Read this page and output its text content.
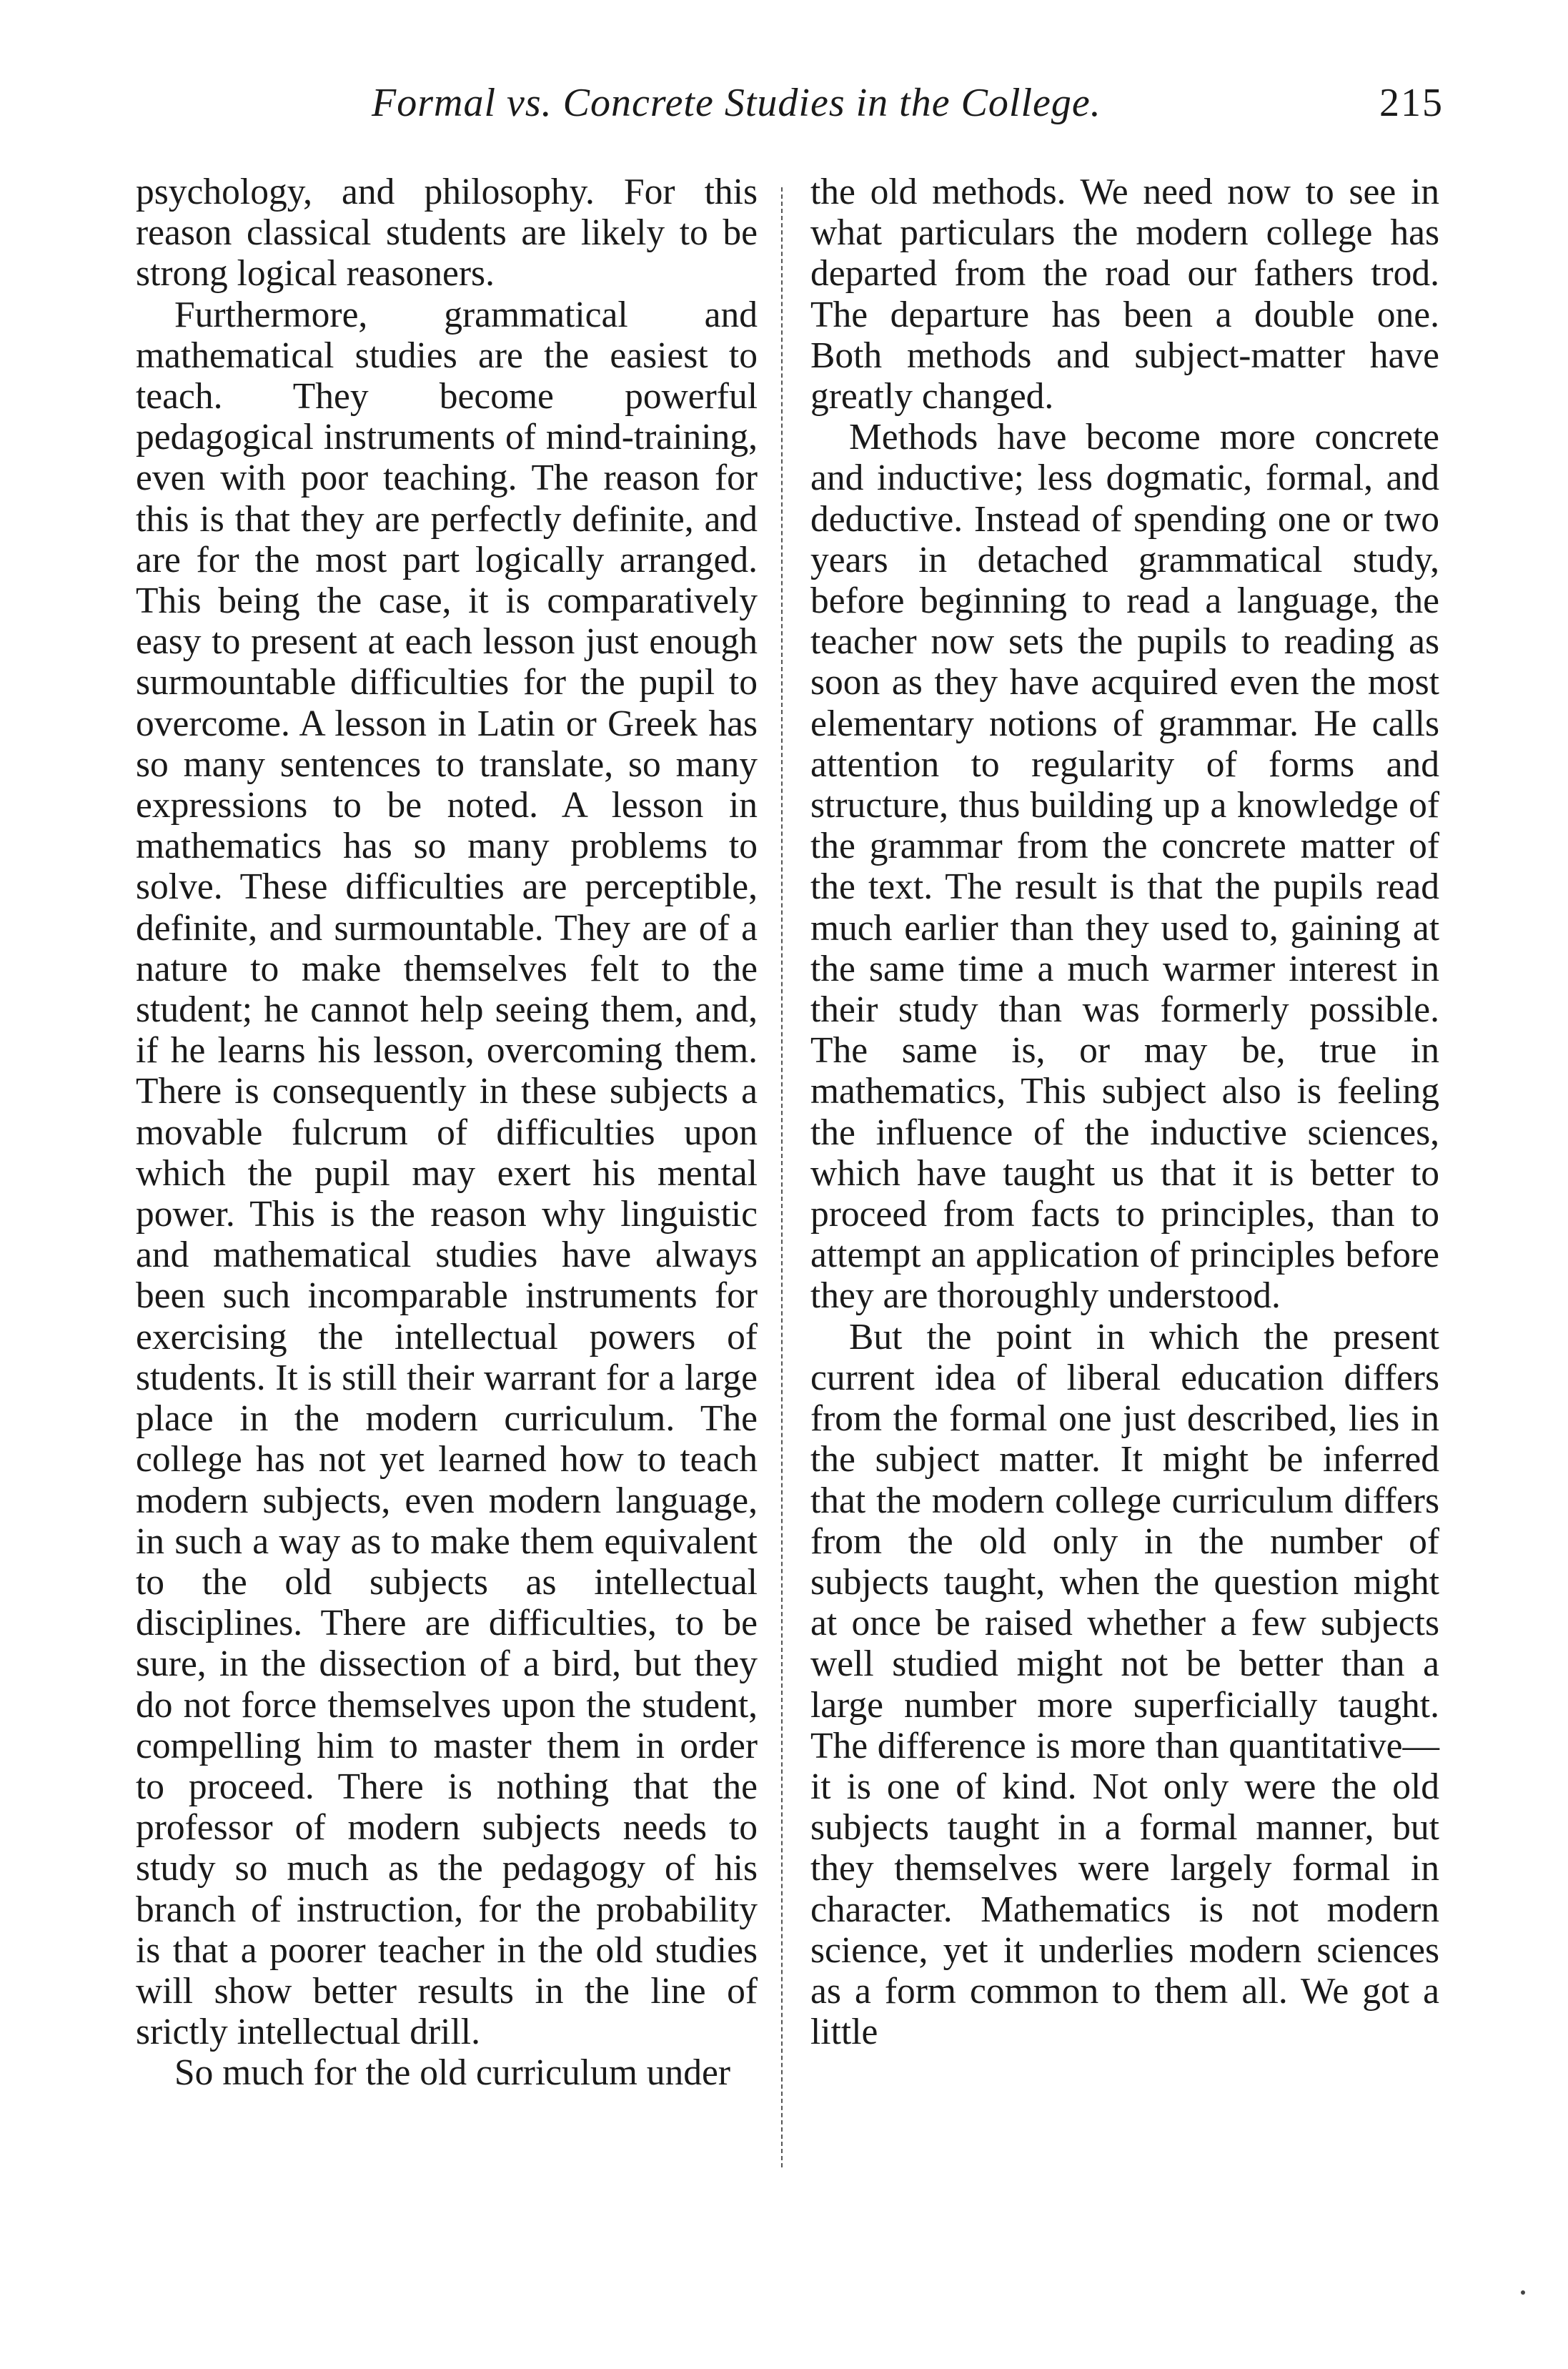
Formal vs. Concrete Studies in the College.	215

psychology, and philosophy. For this reason classical students are likely to be strong logical reasoners.

Furthermore, grammatical and mathematical studies are the easiest to teach. They become powerful pedagogical instruments of mind-training, even with poor teaching. The reason for this is that they are perfectly definite, and are for the most part logically arranged. This being the case, it is comparatively easy to present at each lesson just enough surmountable difficulties for the pupil to overcome. A lesson in Latin or Greek has so many sentences to translate, so many expressions to be noted. A lesson in mathematics has so many problems to solve. These difficulties are perceptible, definite, and surmountable. They are of a nature to make themselves felt to the student; he cannot help seeing them, and, if he learns his lesson, overcoming them. There is consequently in these subjects a movable fulcrum of difficulties upon which the pupil may exert his mental power. This is the reason why linguistic and mathematical studies have always been such incomparable instruments for exercising the intellectual powers of students. It is still their warrant for a large place in the modern curriculum. The college has not yet learned how to teach modern subjects, even modern language, in such a way as to make them equivalent to the old subjects as intellectual disciplines. There are difficulties, to be sure, in the dissection of a bird, but they do not force themselves upon the student, compelling him to master them in order to proceed. There is nothing that the professor of modern subjects needs to study so much as the pedagogy of his branch of instruction, for the probability is that a poorer teacher in the old studies will show better results in the line of srictly intellectual drill.

So much for the old curriculum under

the old methods. We need now to see in what particulars the modern college has departed from the road our fathers trod. The departure has been a double one. Both methods and subject-matter have greatly changed.

Methods have become more concrete and inductive; less dogmatic, formal, and deductive. Instead of spending one or two years in detached grammatical study, before beginning to read a language, the teacher now sets the pupils to reading as soon as they have acquired even the most elementary notions of grammar. He calls attention to regularity of forms and structure, thus building up a knowledge of the grammar from the concrete matter of the text. The result is that the pupils read much earlier than they used to, gaining at the same time a much warmer interest in their study than was formerly possible. The same is, or may be, true in mathematics, This subject also is feeling the influence of the inductive sciences, which have taught us that it is better to proceed from facts to principles, than to attempt an application of principles before they are thoroughly understood.

But the point in which the present current idea of liberal education differs from the formal one just described, lies in the subject matter. It might be inferred that the modern college curriculum differs from the old only in the number of subjects taught, when the question might at once be raised whether a few subjects well studied might not be better than a large number more superficially taught. The difference is more than quantitative—it is one of kind. Not only were the old subjects taught in a formal manner, but they themselves were largely formal in character. Mathematics is not modern science, yet it underlies modern sciences as a form common to them all. We got a little
